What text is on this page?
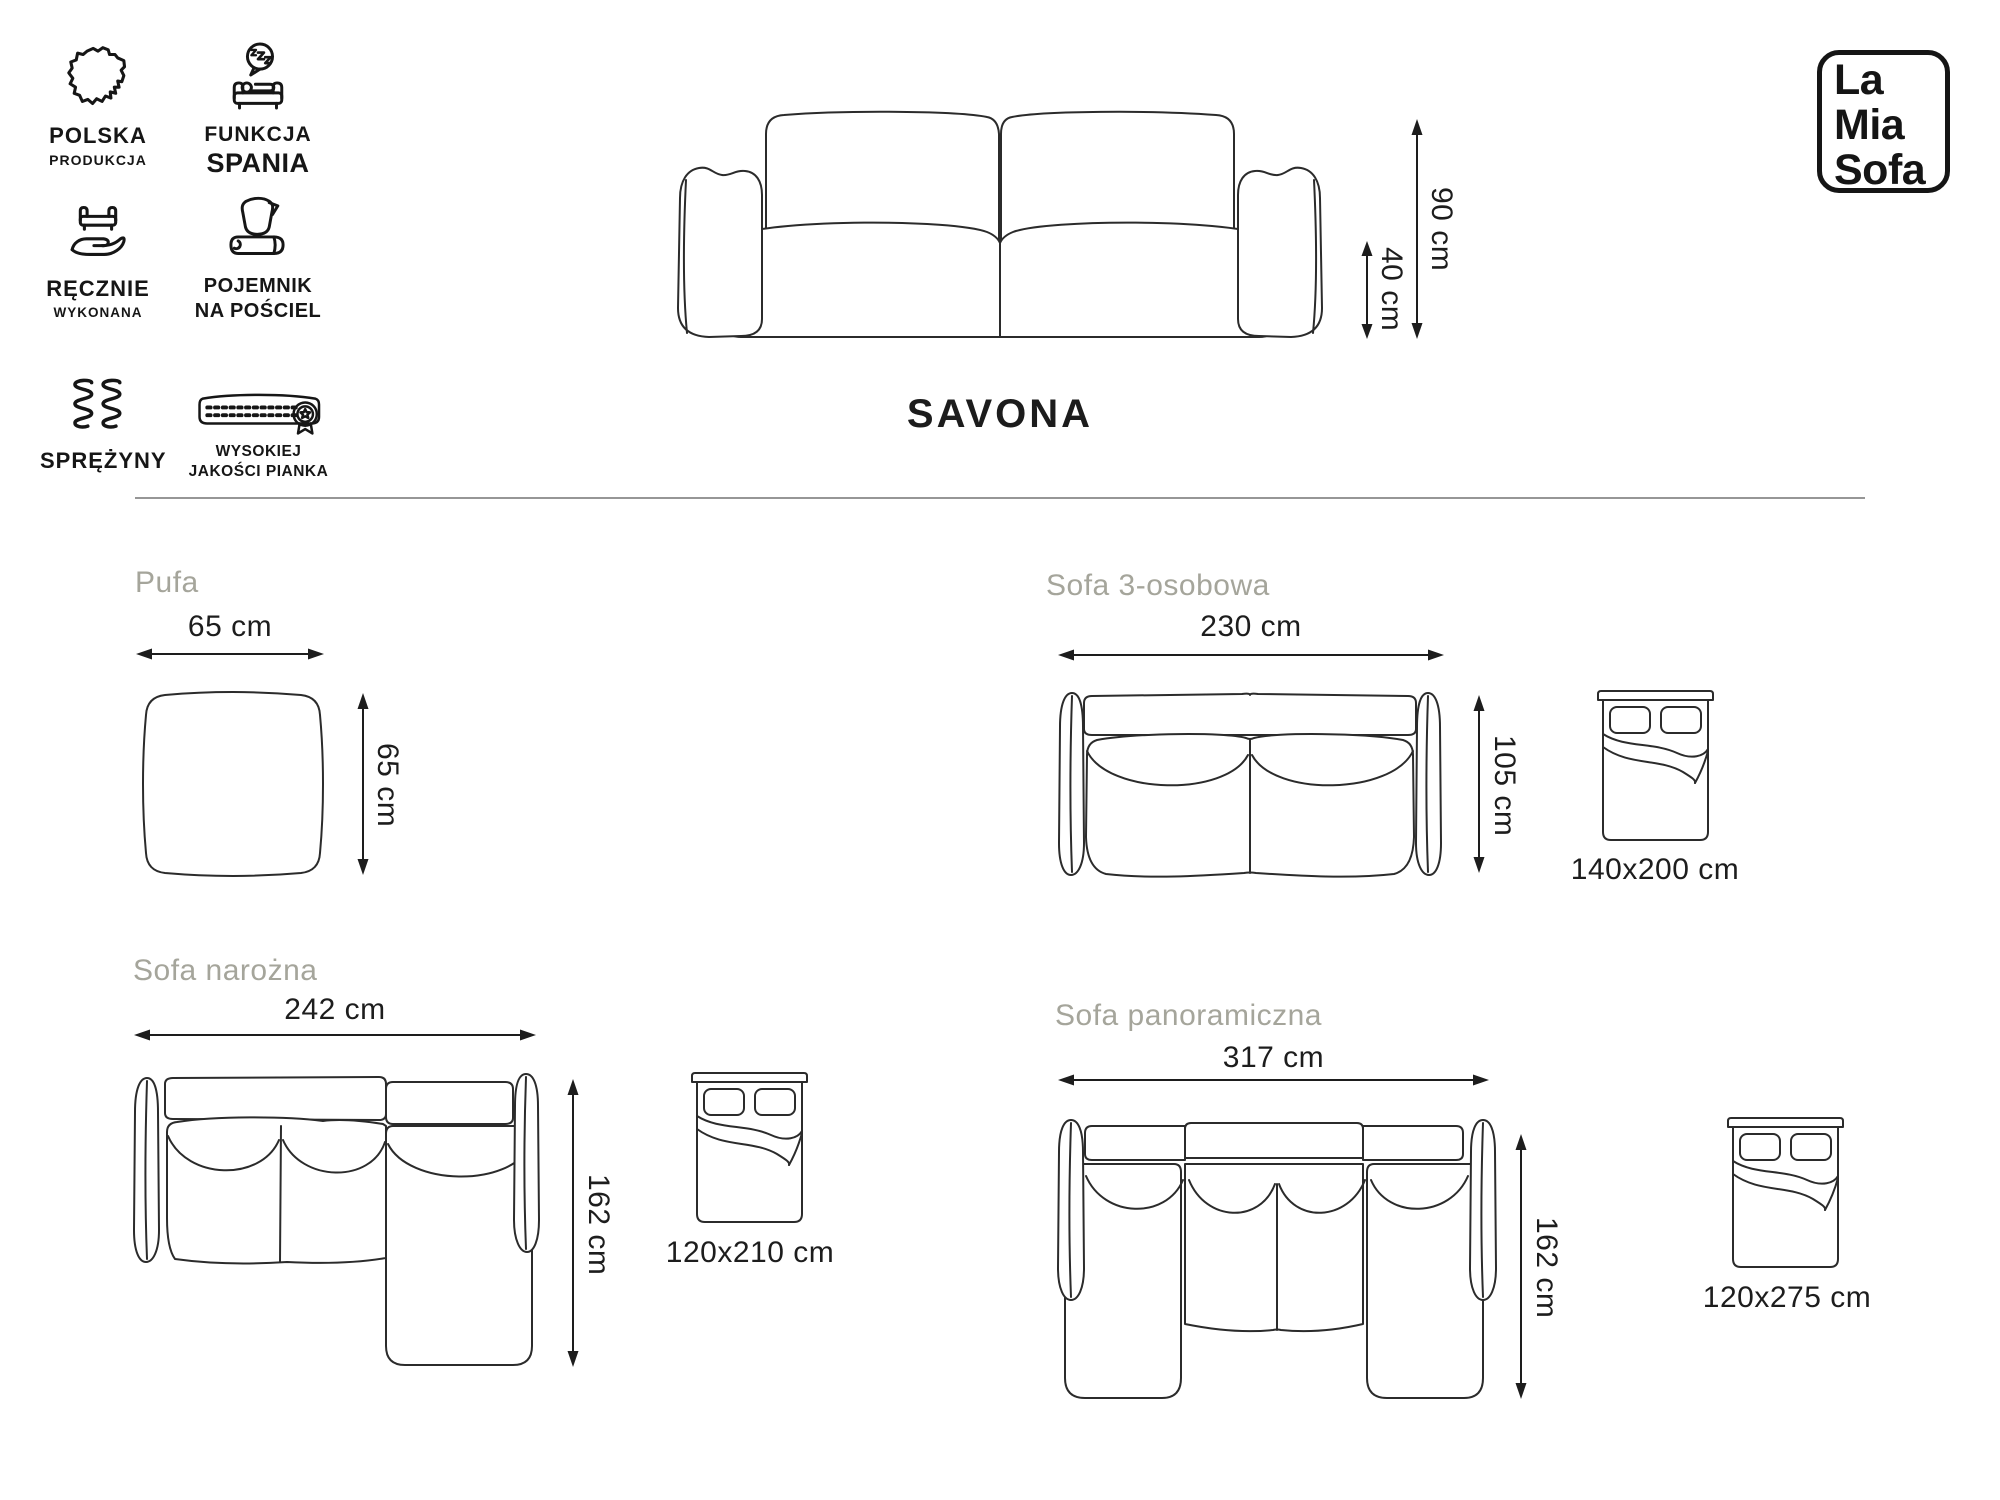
POLSKA
PRODUKCJA
FUNKCJA
SPANIA
RĘCZNIE
WYKONANA
POJEMNIK
NA POŚCIEL
SPRĘŻYNY	WYSOKIEJ
JAKOŚCI PIANKA
La
Mia
Sofa
90 cm
40 cm
SAVONA
Pufa
65 cm
65 cm
Sofa 3-osobowa
230 cm
105 cm
140x200 cm
Sofa narożna
242 cm
162 cm 120x210 cm
Sofa panoramiczna
317 cm
162 cm	120x275 cm
